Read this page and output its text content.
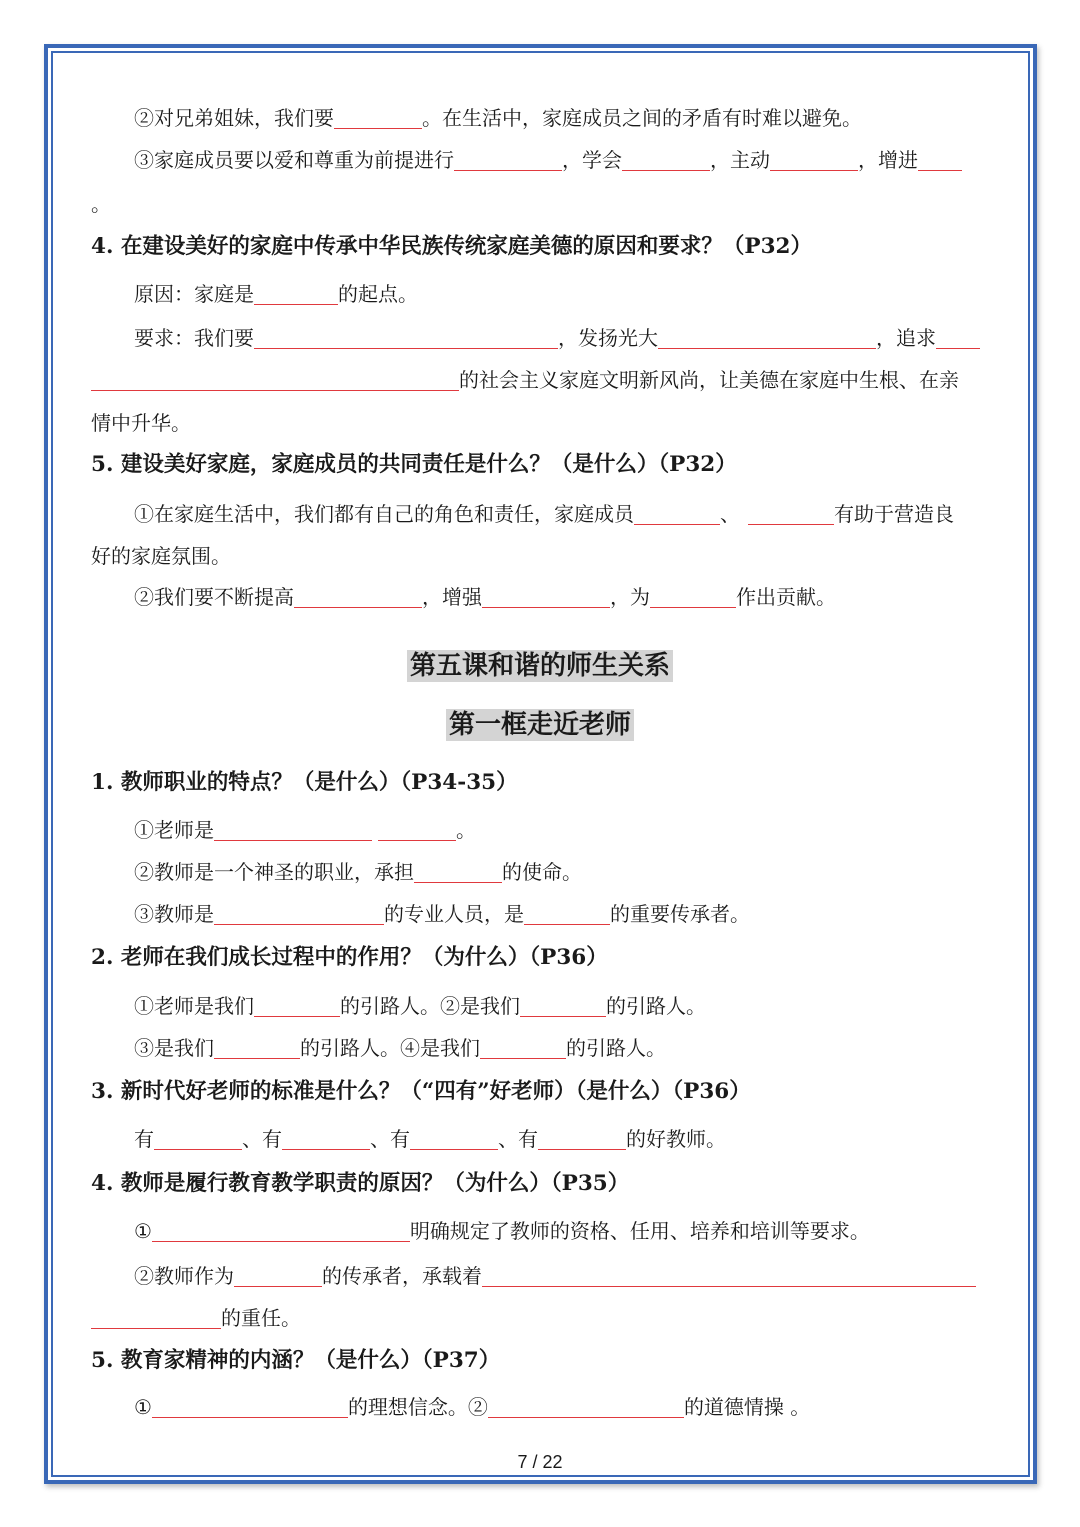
②对兄弟姐妹，我们要	。在生活中，家庭成员之间的矛盾有时难以避免。
③家庭成员要以爱和尊重为前提进行	，学会	，主动	，增进
。
4. 在建设美好的家庭中传承中华民族传统家庭美德的原因和要求？（P32）
原因：家庭是	的起点。
要求：我们要	，发扬光大	，追求
的社会主义家庭文明新风尚，让美德在家庭中生根、在亲
情中升华。
5. 建设美好家庭，家庭成员的共同责任是什么？（是什么）（P32）
①在家庭生活中，我们都有自己的角色和责任，家庭成员	、	有助于营造良
好的家庭氛围。
②我们要不断提高	，增强	，为	作出贡献。
第五课和谐的师生关系
第一框走近老师
1. 教师职业的特点？（是什么）（P34-35）
①老师是	。
②教师是一个神圣的职业，承担	的使命。
③教师是	的专业人员，是	的重要传承者。
2. 老师在我们成长过程中的作用？（为什么）（P36）
①老师是我们	的引路人。②是我们	的引路人。
③是我们	的引路人。④是我们	的引路人。
3. 新时代好老师的标准是什么？（“四有”好老师）（是什么）（P36）
有	、有	、有	、有	的好教师。
4. 教师是履行教育教学职责的原因？（为什么）（P35）
①	明确规定了教师的资格、任用、培养和培训等要求。
②教师作为	的传承者，承载着
的重任。
5. 教育家精神的内涵？（是什么）（P37）
①	的理想信念。②	的道德情操 。
7 / 22
